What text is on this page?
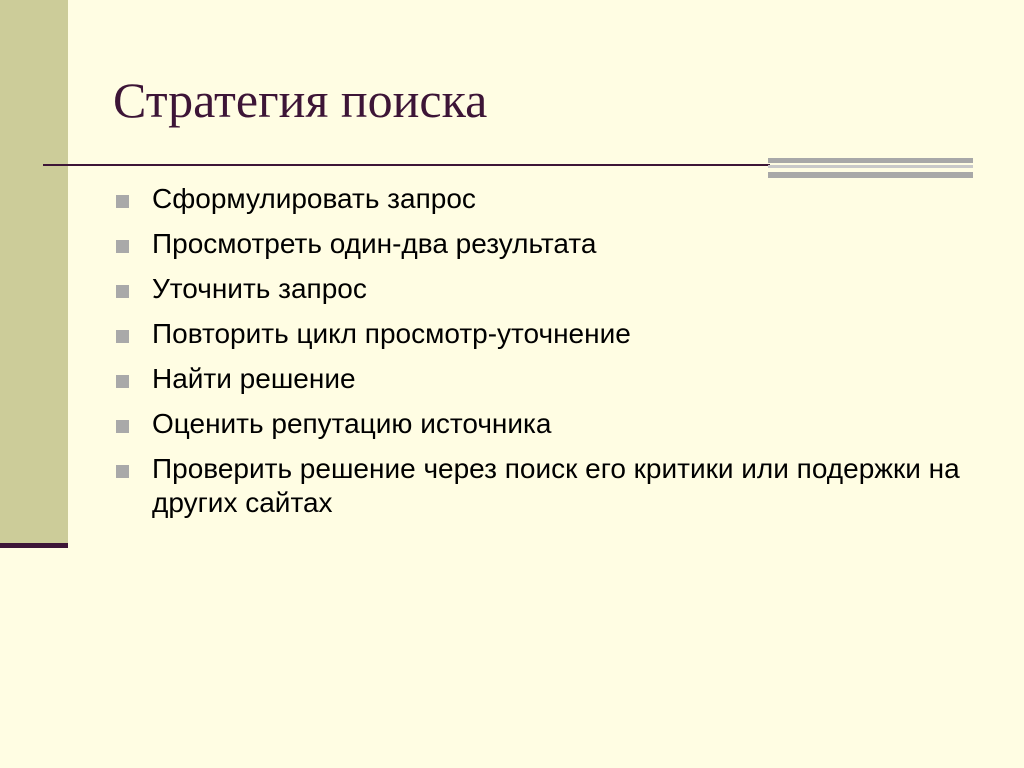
Стратегия поиска
Сформулировать запрос
Просмотреть один-два результата
Уточнить запрос
Повторить цикл просмотр-уточнение
Найти решение
Оценить репутацию источника
Проверить решение через поиск его критики или подержки на других сайтах
